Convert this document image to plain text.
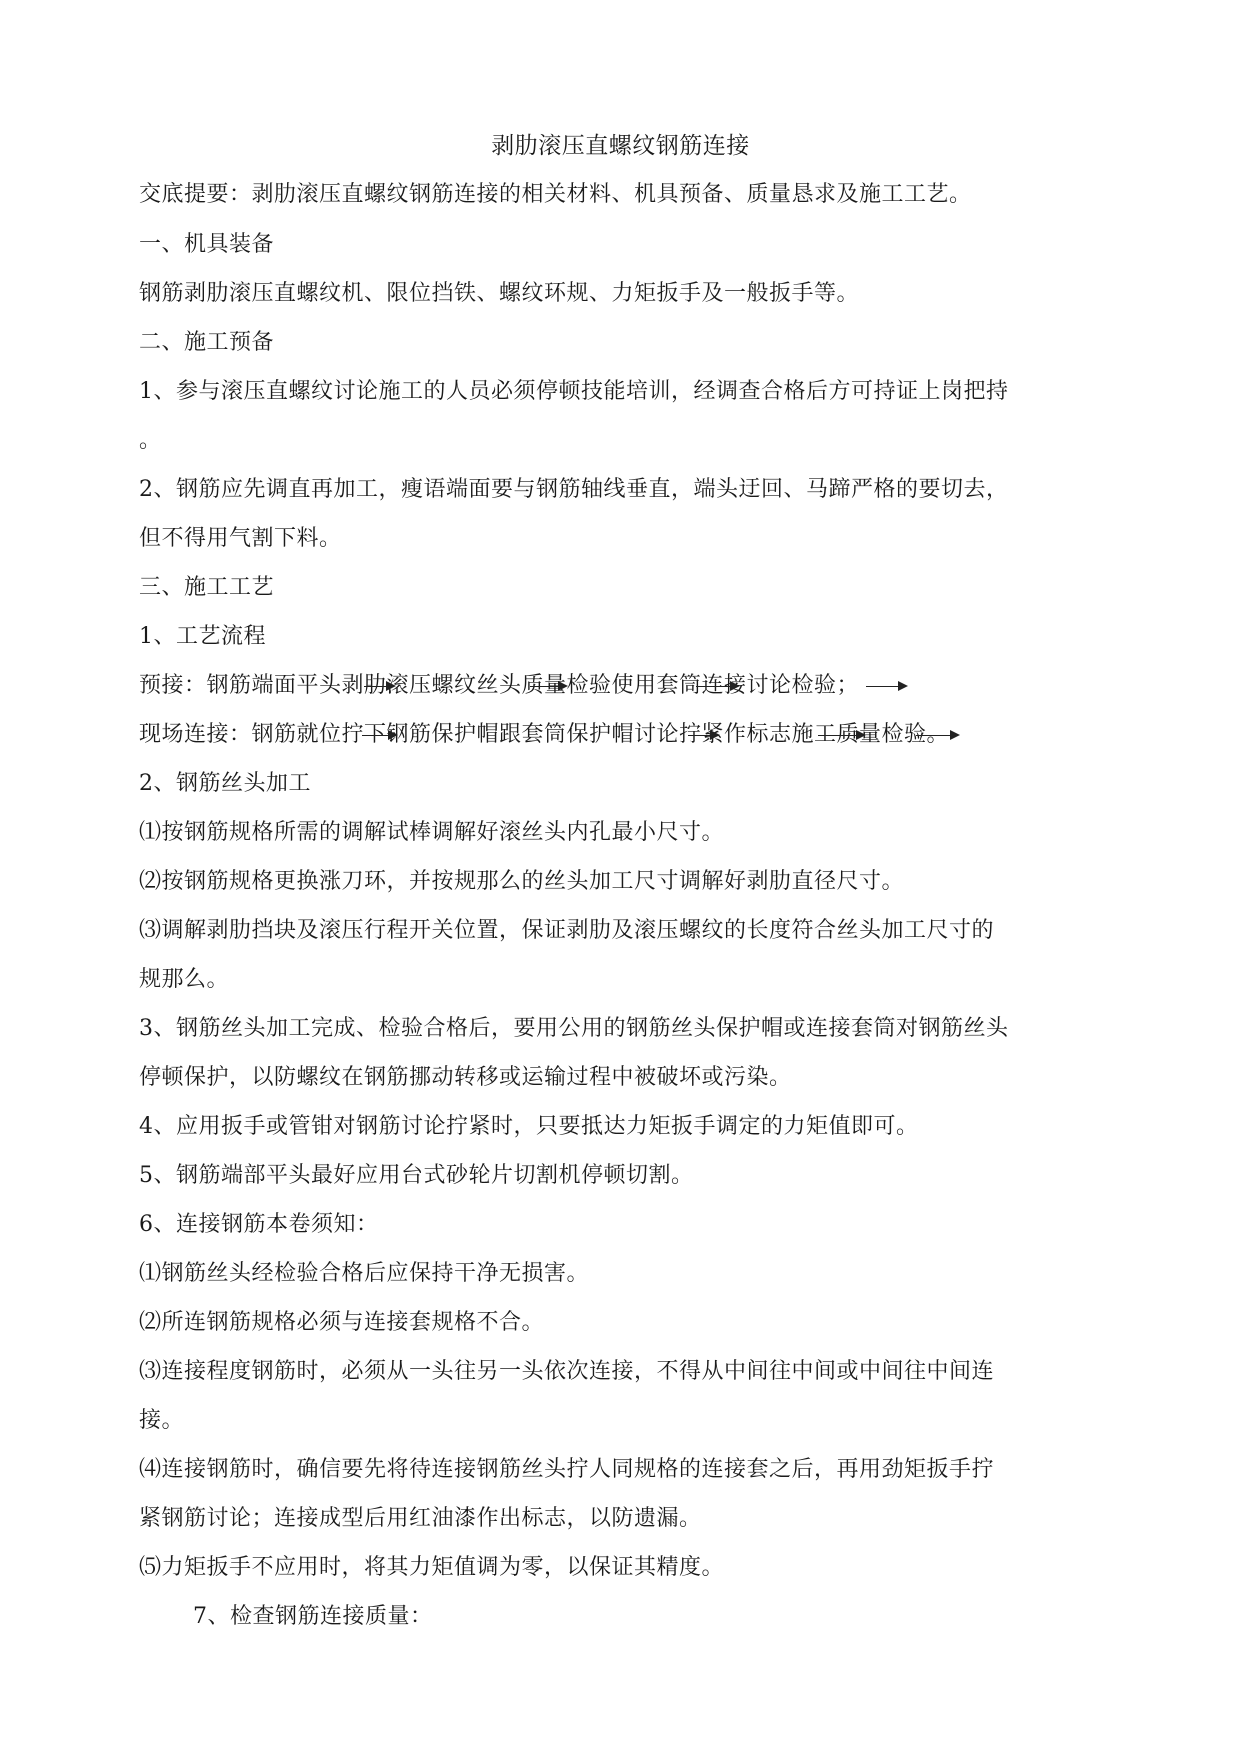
剥肋滚压直螺纹钢筋连接
交底提要：剥肋滚压直螺纹钢筋连接的相关材料、机具预备、质量恳求及施工工艺。
一、机具装备
钢筋剥肋滚压直螺纹机、限位挡铁、螺纹环规、力矩扳手及一般扳手等。
二、施工预备
1、参与滚压直螺纹讨论施工的人员必须停顿技能培训，经调查合格后方可持证上岗把持
。
2、钢筋应先调直再加工，瘦语端面要与钢筋轴线垂直，端头迂回、马蹄严格的要切去，
但不得用气割下料。
三、施工工艺
1、工艺流程
预接：钢筋端面平头剥肋滚压螺纹丝头质量检验使用套筒连接讨论检验；
现场连接：钢筋就位拧下钢筋保护帽跟套筒保护帽讨论拧紧作标志施工质量检验。
2、钢筋丝头加工
⑴按钢筋规格所需的调解试棒调解好滚丝头内孔最小尺寸。
⑵按钢筋规格更换涨刀环，并按规那么的丝头加工尺寸调解好剥肋直径尺寸。
⑶调解剥肋挡块及滚压行程开关位置，保证剥肋及滚压螺纹的长度符合丝头加工尺寸的
规那么。
3、钢筋丝头加工完成、检验合格后，要用公用的钢筋丝头保护帽或连接套筒对钢筋丝头
停顿保护，以防螺纹在钢筋挪动转移或运输过程中被破坏或污染。
4、应用扳手或管钳对钢筋讨论拧紧时，只要抵达力矩扳手调定的力矩值即可。
5、钢筋端部平头最好应用台式砂轮片切割机停顿切割。
6、连接钢筋本卷须知：
⑴钢筋丝头经检验合格后应保持干净无损害。
⑵所连钢筋规格必须与连接套规格不合。
⑶连接程度钢筋时，必须从一头往另一头依次连接，不得从中间往中间或中间往中间连
接。
⑷连接钢筋时，确信要先将待连接钢筋丝头拧人同规格的连接套之后，再用劲矩扳手拧
紧钢筋讨论；连接成型后用红油漆作出标志，以防遗漏。
⑸力矩扳手不应用时，将其力矩值调为零，以保证其精度。
7、检查钢筋连接质量：
